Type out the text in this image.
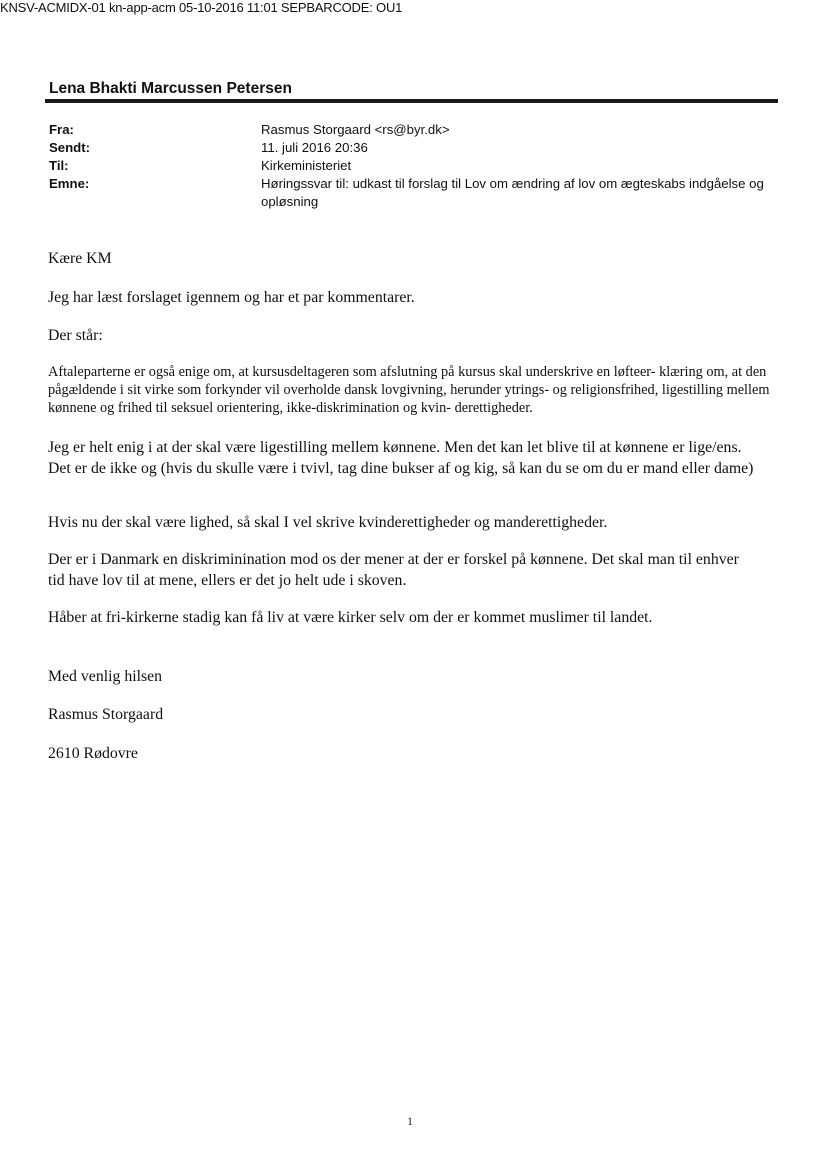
KNSV-ACMIDX-01 kn-app-acm 05-10-2016 11:01 SEPBARCODE: OU1
Lena Bhakti Marcussen Petersen
Fra:	Rasmus Storgaard <rs@byr.dk>
Sendt:	11. juli 2016 20:36
Til:	Kirkeministeriet
Emne:	Høringssvar til: udkast til forslag til Lov om ændring af lov om ægteskabs indgåelse og opløsning
Kære KM
Jeg har læst forslaget igennem og har et par kommentarer.
Der står:
Aftaleparterne er også enige om, at kursusdeltageren som afslutning på kursus skal underskrive en løfteer- klæring om, at den pågældende i sit virke som forkynder vil overholde dansk lovgivning, herunder ytrings- og religionsfrihed, ligestilling mellem kønnene og frihed til seksuel orientering, ikke-diskrimination og kvin- derettigheder.
Jeg er helt enig i at der skal være ligestilling mellem kønnene. Men det kan let blive til at kønnene er lige/ens. Det er de ikke og (hvis du skulle være i tvivl, tag dine bukser af og kig, så kan du se om du er mand eller dame)
Hvis nu der skal være lighed, så skal I vel skrive kvinderettigheder og manderettigheder.
Der er i Danmark en diskriminination mod os der mener at der er forskel på kønnene. Det skal man til enhver tid have lov til at mene, ellers er det jo helt ude i skoven.
Håber at fri-kirkerne stadig kan få liv at være kirker selv om der er kommet muslimer til landet.
Med venlig hilsen
Rasmus Storgaard
2610 Rødovre
1
